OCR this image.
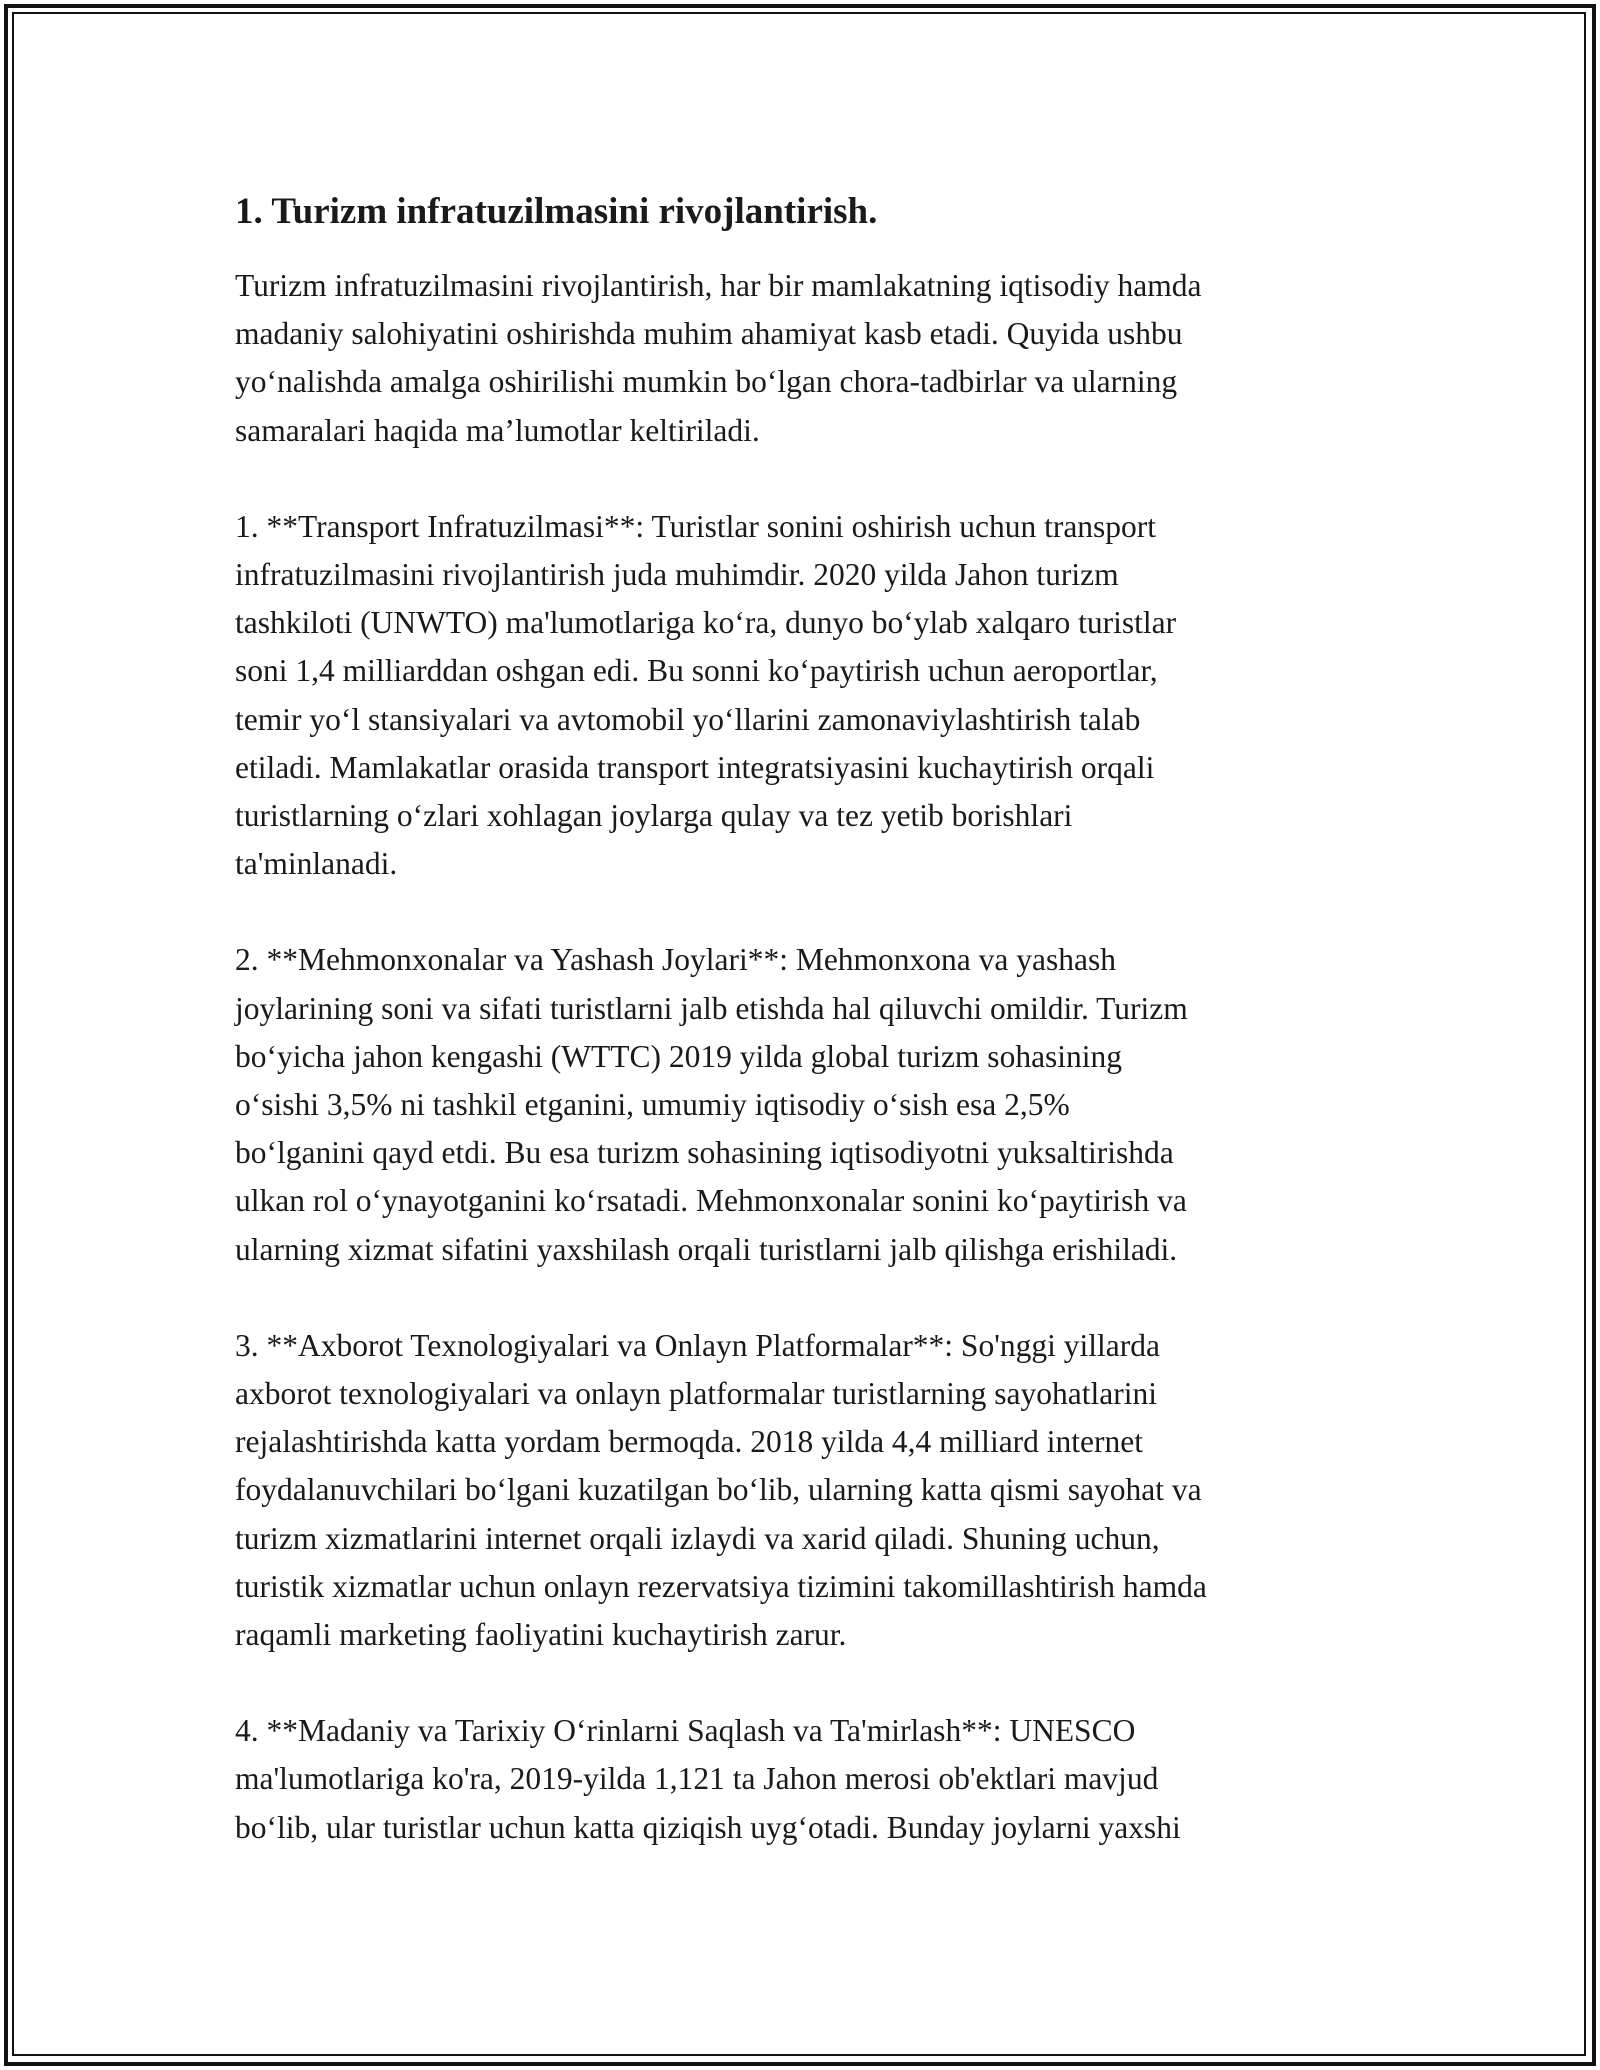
1. Turizm infratuzilmasini rivojlantirish.

Turizm infratuzilmasini rivojlantirish, har bir mamlakatning iqtisodiy hamda
madaniy salohiyatini oshirishda muhim ahamiyat kasb etadi. Quyida ushbu
yoʻnalishda amalga oshirilishi mumkin boʻlgan chora-tadbirlar va ularning
samaralari haqida maʼlumotlar keltiriladi.

1. **Transport Infratuzilmasi**: Turistlar sonini oshirish uchun transport
infratuzilmasini rivojlantirish juda muhimdir. 2020 yilda Jahon turizm
tashkiloti (UNWTO) ma'lumotlariga koʻra, dunyo boʻylab xalqaro turistlar
soni 1,4 milliarddan oshgan edi. Bu sonni koʻpaytirish uchun aeroportlar,
temir yoʻl stansiyalari va avtomobil yoʻllarini zamonaviylashtirish talab
etiladi. Mamlakatlar orasida transport integratsiyasini kuchaytirish orqali
turistlarning oʻzlari xohlagan joylarga qulay va tez yetib borishlari
ta'minlanadi.

2. **Mehmonxonalar va Yashash Joylari**: Mehmonxona va yashash
joylarining soni va sifati turistlarni jalb etishda hal qiluvchi omildir. Turizm
boʻyicha jahon kengashi (WTTC) 2019 yilda global turizm sohasining
oʻsishi 3,5% ni tashkil etganini, umumiy iqtisodiy oʻsish esa 2,5%
boʻlganini qayd etdi. Bu esa turizm sohasining iqtisodiyotni yuksaltirishda
ulkan rol oʻynayotganini koʻrsatadi. Mehmonxonalar sonini koʻpaytirish va
ularning xizmat sifatini yaxshilash orqali turistlarni jalb qilishga erishiladi.

3. **Axborot Texnologiyalari va Onlayn Platformalar**: So'nggi yillarda
axborot texnologiyalari va onlayn platformalar turistlarning sayohatlarini
rejalashtirishda katta yordam bermoqda. 2018 yilda 4,4 milliard internet
foydalanuvchilari boʻlgani kuzatilgan boʻlib, ularning katta qismi sayohat va
turizm xizmatlarini internet orqali izlaydi va xarid qiladi. Shuning uchun,
turistik xizmatlar uchun onlayn rezervatsiya tizimini takomillashtirish hamda
raqamli marketing faoliyatini kuchaytirish zarur.

4. **Madaniy va Tarixiy Oʻrinlarni Saqlash va Ta'mirlash**: UNESCO
ma'lumotlariga ko'ra, 2019-yilda 1,121 ta Jahon merosi ob'ektlari mavjud
boʻlib, ular turistlar uchun katta qiziqish uygʻotadi. Bunday joylarni yaxshi
